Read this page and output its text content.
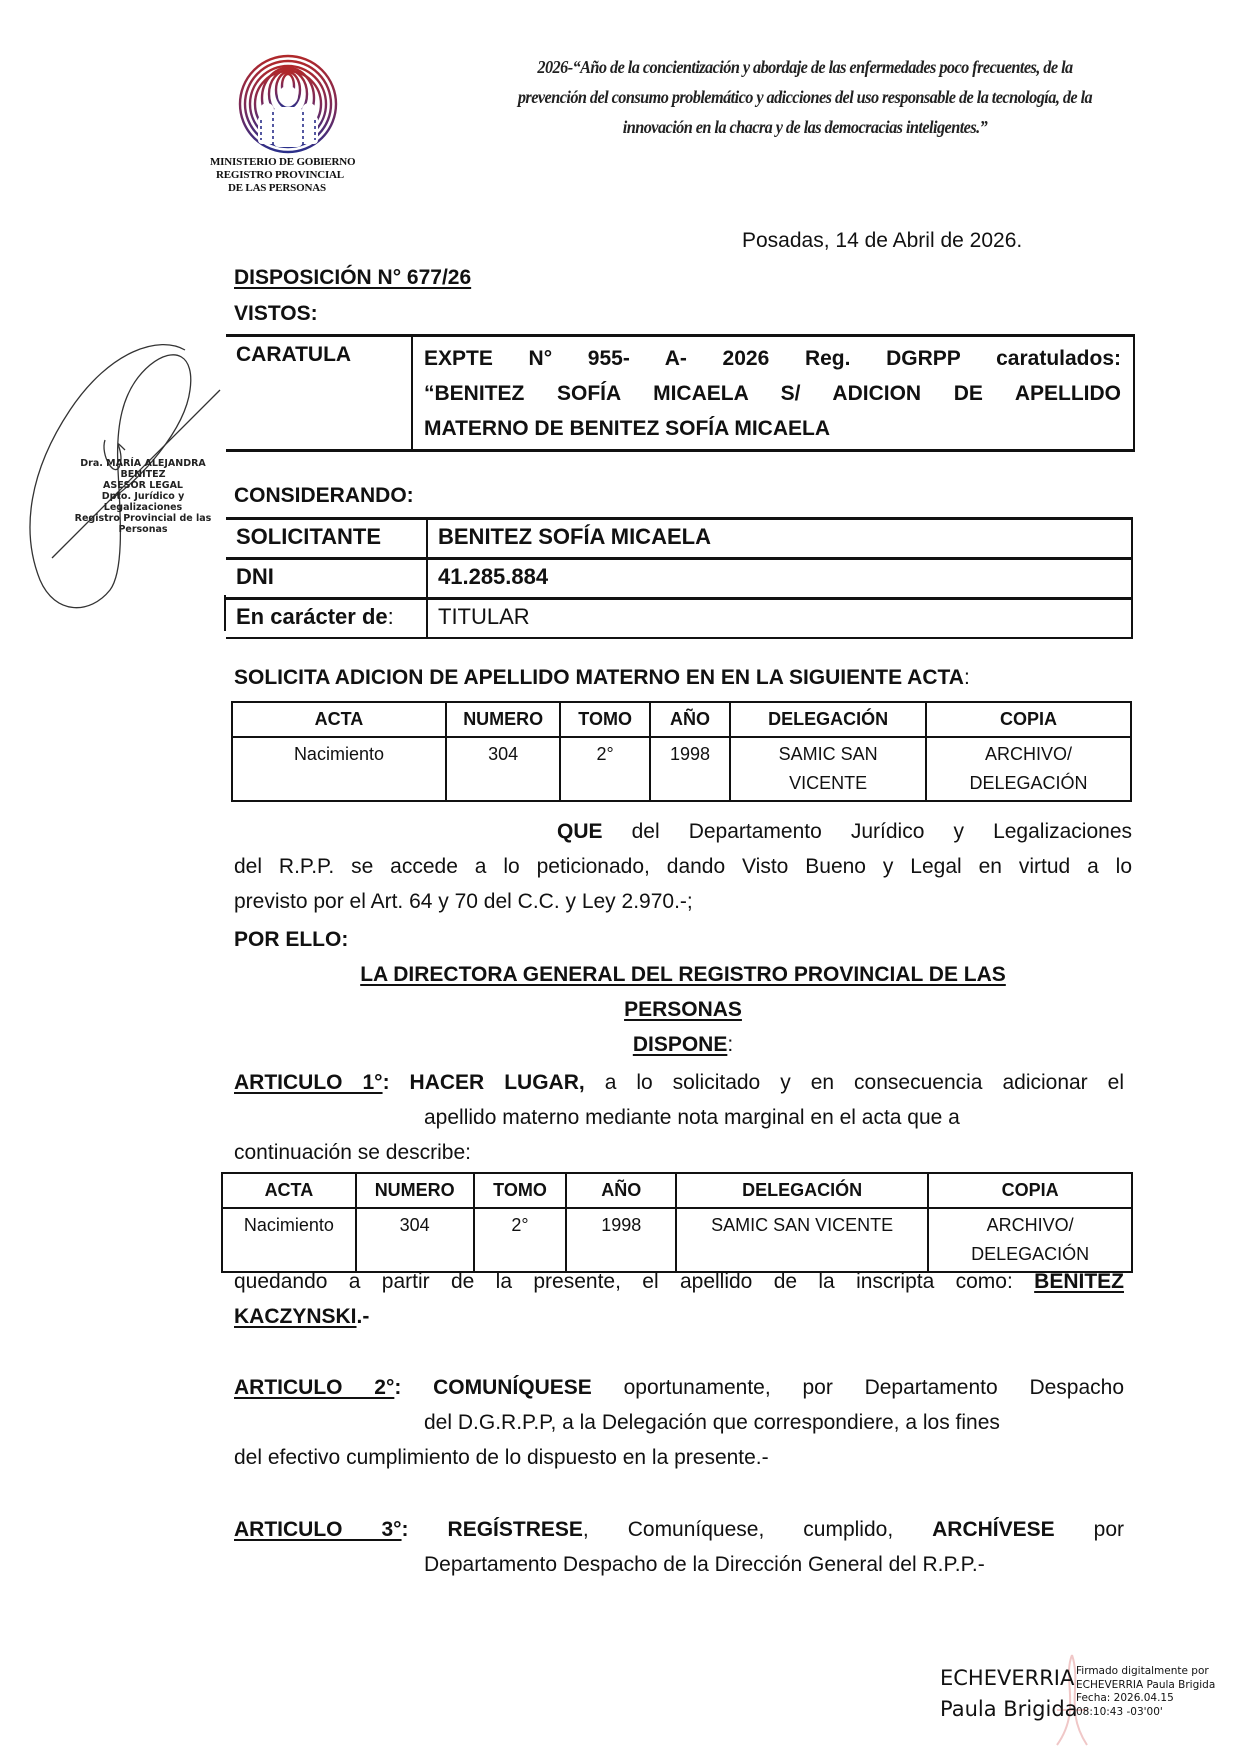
MINISTERIO DE GOBIERNO
REGISTRO PROVINCIAL
DE LAS PERSONAS
2026-“Año de la concientización y abordaje de las enfermedades poco frecuentes, de la
prevención del consumo problemático y adicciones del uso responsable de la tecnología, de la
innovación en la chacra y de las democracias inteligentes.”
Dra. MARÍA ALEJANDRA BENITEZ
ASESOR LEGAL
Dpto. Jurídico y Legalizaciones
Registro Provincial de las Personas
Posadas, 14 de Abril de 2026.
DISPOSICIÓN N° 677/26
VISTOS:
CARATULA	EXPTE N° 955- A- 2026 Reg. DGRPP caratulados:
“BENITEZ SOFÍA MICAELA S/ ADICION DE APELLIDO
MATERNO DE BENITEZ SOFÍA MICAELA
CONSIDERANDO:
SOLICITANTE	BENITEZ SOFÍA MICAELA
DNI	41.285.884
En carácter de: TITULAR
SOLICITA ADICION DE APELLIDO MATERNO EN EN LA SIGUIENTE ACTA:
ACTA	NUMERO	TOMO	AÑO	DELEGACIÓN	COPIA
Nacimiento	304	2°	1998	SAMIC SAN VICENTE	ARCHIVO/ DELEGACIÓN
QUE del Departamento Jurídico y Legalizaciones
del R.P.P. se accede a lo peticionado, dando Visto Bueno y Legal en virtud a lo
previsto por el Art. 64 y 70 del C.C. y Ley 2.970.-;
POR ELLO:
LA DIRECTORA GENERAL DEL REGISTRO PROVINCIAL DE LAS
PERSONAS
DISPONE:
ARTICULO 1°: HACER LUGAR, a lo solicitado y en consecuencia adicionar el
apellido materno mediante nota marginal en el acta que a
continuación se describe:
ACTA	NUMERO	TOMO	AÑO	DELEGACIÓN	COPIA
Nacimiento	304	2°	1998	SAMIC SAN VICENTE	ARCHIVO/ DELEGACIÓN
quedando a partir de la presente, el apellido de la inscripta como: BENITEZ
KACZYNSKI.-
ARTICULO 2°: COMUNÍQUESE oportunamente, por Departamento Despacho
del D.G.R.P.P, a la Delegación que correspondiere, a los fines
del efectivo cumplimiento de lo dispuesto en la presente.-
ARTICULO 3°: REGÍSTRESE, Comuníquese, cumplido, ARCHÍVESE por
Departamento Despacho de la Dirección General del R.P.P.-
ECHEVERRIA
Paula Brigida
Firmado digitalmente por
ECHEVERRIA Paula Brigida
Fecha: 2026.04.15
08:10:43 -03'00'
